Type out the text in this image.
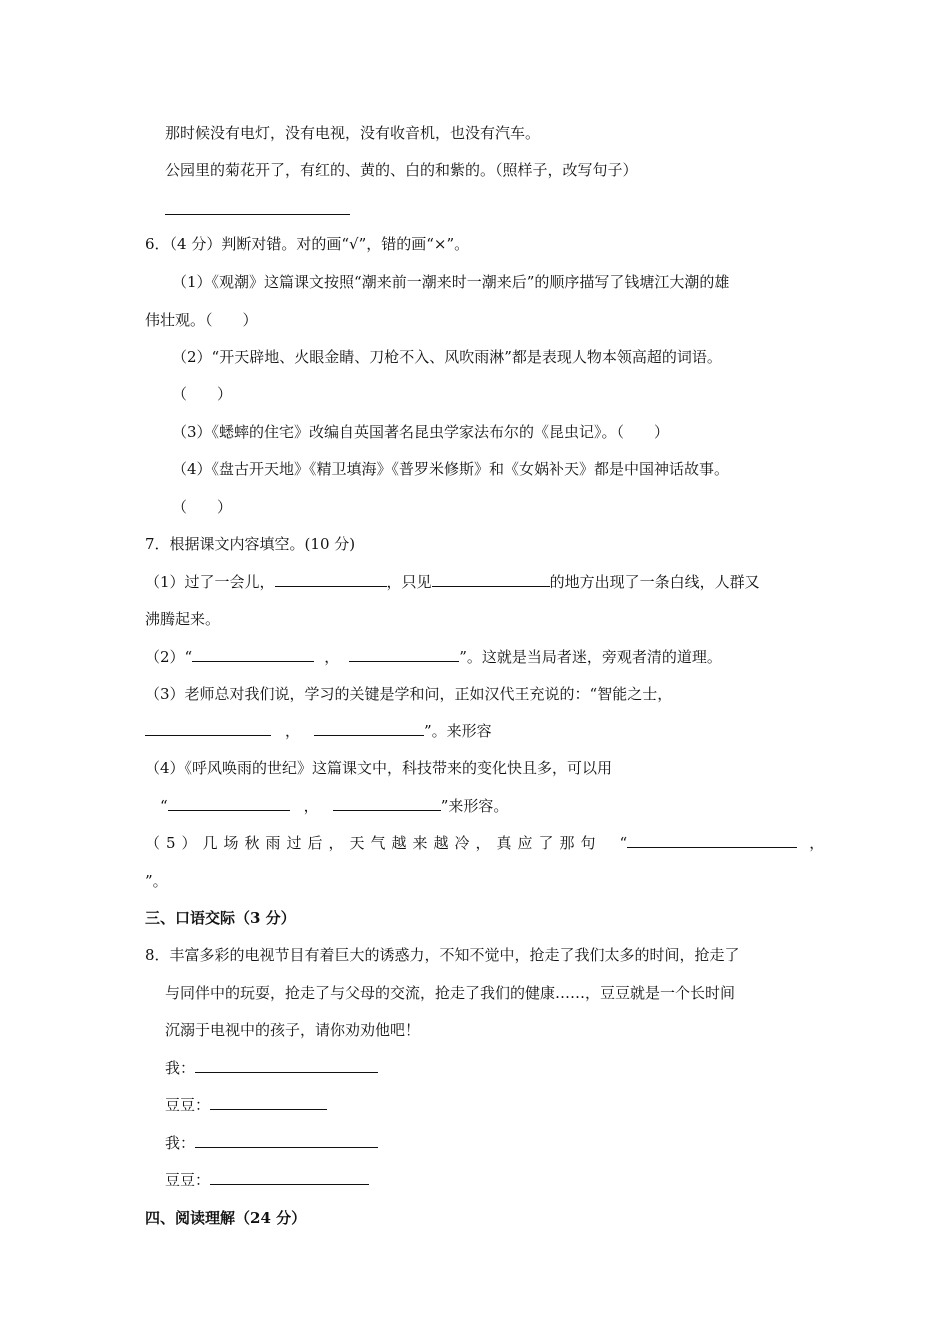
那时候没有电灯，没有电视，没有收音机，也没有汽车。
公园里的菊花开了，有红的、黄的、白的和紫的。（照样子，改写句子）
6．（4 分）判断对错。对的画“√”，错的画“×”。
（1）《观潮》这篇课文按照“潮来前一潮来时一潮来后”的顺序描写了钱塘江大潮的雄
伟壮观。（　　）
（2）“开天辟地、火眼金睛、刀枪不入、风吹雨淋”都是表现人物本领高超的词语。
（　　）
（3）《蟋蟀的住宅》改编自英国著名昆虫学家法布尔的《昆虫记》。（　　）
（4）《盘古开天地》《精卫填海》《普罗米修斯》和《女娲补天》都是中国神话故事。
（　　）
7．根据课文内容填空。(10 分)
（1）过了一会儿，	，只见	的地方出现了一条白线，人群又
沸腾起来。
（2）“	，	”。这就是当局者迷，旁观者清的道理。
（3）老师总对我们说，学习的关键是学和问，正如汉代王充说的：“智能之士，
，	”。来形容
（4）《呼风唤雨的世纪》这篇课文中，科技带来的变化快且多，可以用
“	，	”来形容。
（5）几场秋雨过后，天气越来越冷，真应了那句 “	，
”。
三、口语交际（3 分）
8．丰富多彩的电视节目有着巨大的诱惑力，不知不觉中，抢走了我们太多的时间，抢走了
与同伴中的玩耍，抢走了与父母的交流，抢走了我们的健康……，豆豆就是一个长时间
沉溺于电视中的孩子，请你劝劝他吧！
我：
豆豆：
我：
豆豆：
四、阅读理解（24 分）
